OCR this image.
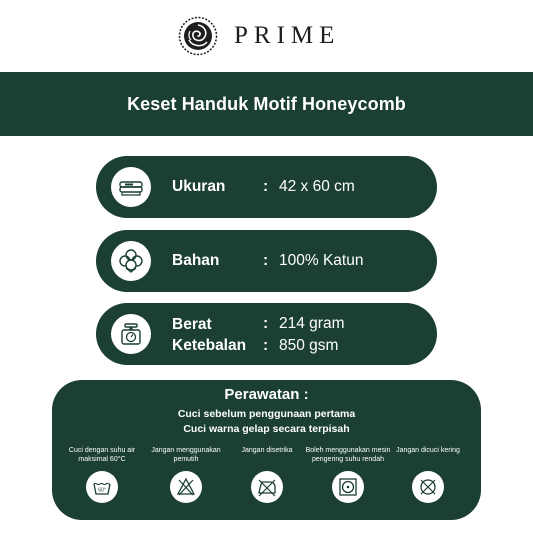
PRIME
Keset Handuk Motif Honeycomb
Ukuran : 42 x 60 cm
Bahan	: 100% Katun
Berat	: 214 gram
Ketebalan : 850 gsm
Perawatan :
Cuci sebelum penggunaan pertama
Cuci warna gelap secara terpisah
Cuci dengan suhu air maksimal 60°C
60°
Jangan menggunakan pemutih
Jangan disetrika	Boleh menggunakan mesin pengering suhu rendah
Jangan dicuci kering
